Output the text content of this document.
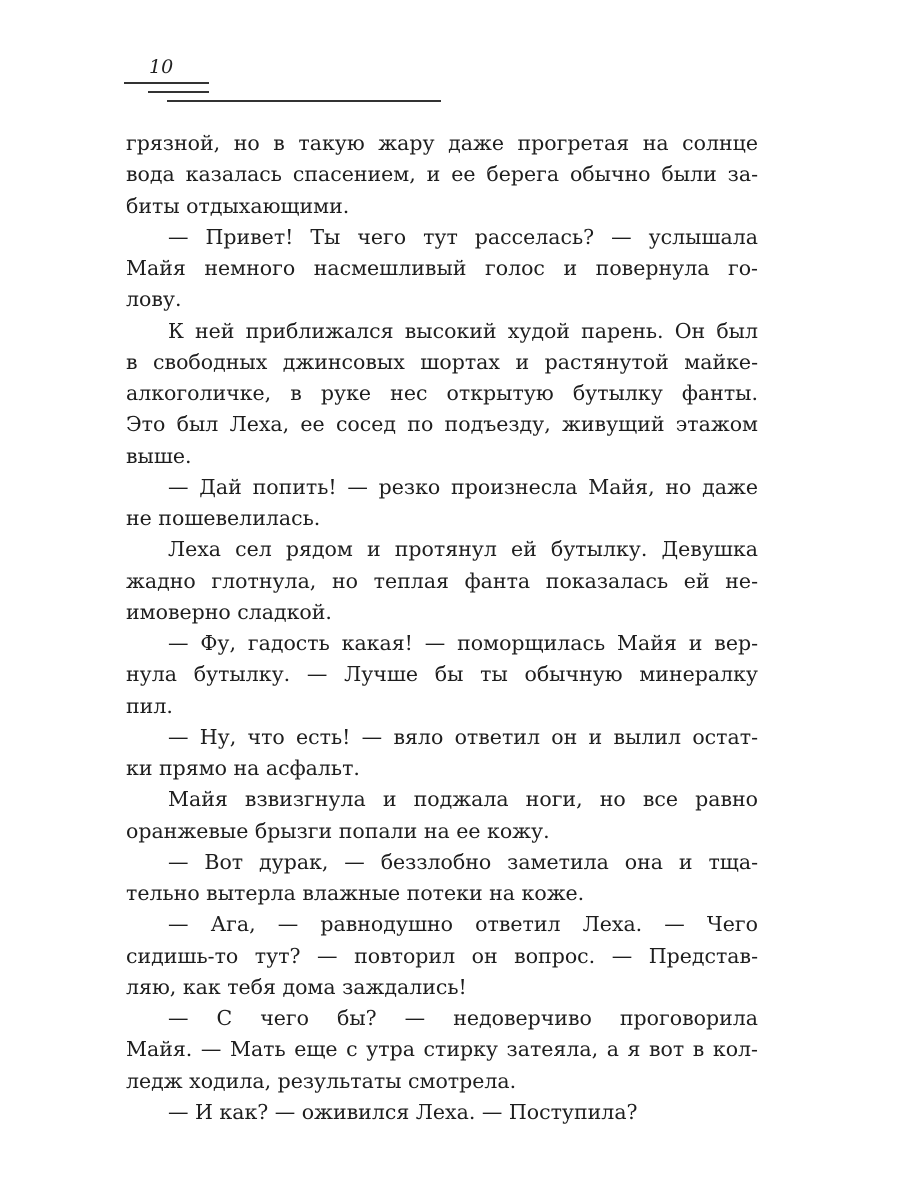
10
грязной, но в такую жару даже прогретая на солнце
вода казалась спасением, и ее берега обычно были за-
биты отдыхающими.
— Привет! Ты чего тут расселась? — услышала
Майя немного насмешливый голос и повернула го-
лову.
К ней приближался высокий худой парень. Он был
в свободных джинсовых шортах и растянутой майке-
алкоголичке, в руке нес открытую бутылку фанты.
Это был Леха, ее сосед по подъезду, живущий этажом
выше.
— Дай попить! — резко произнесла Майя, но даже
не пошевелилась.
Леха сел рядом и протянул ей бутылку. Девушка
жадно глотнула, но теплая фанта показалась ей не-
имоверно сладкой.
— Фу, гадость какая! — поморщилась Майя и вер-
нула бутылку. — Лучше бы ты обычную минералку
пил.
— Ну, что есть! — вяло ответил он и вылил остат-
ки прямо на асфальт.
Майя взвизгнула и поджала ноги, но все равно
оранжевые брызги попали на ее кожу.
— Вот дурак, — беззлобно заметила она и тща-
тельно вытерла влажные потеки на коже.
— Ага, — равнодушно ответил Леха. — Чего
сидишь-то тут? — повторил он вопрос. — Представ-
ляю, как тебя дома заждались!
— С чего бы? — недоверчиво проговорила
Майя. — Мать еще с утра стирку затеяла, а я вот в кол-
ледж ходила, результаты смотрела.
— И как? — оживился Леха. — Поступила?
